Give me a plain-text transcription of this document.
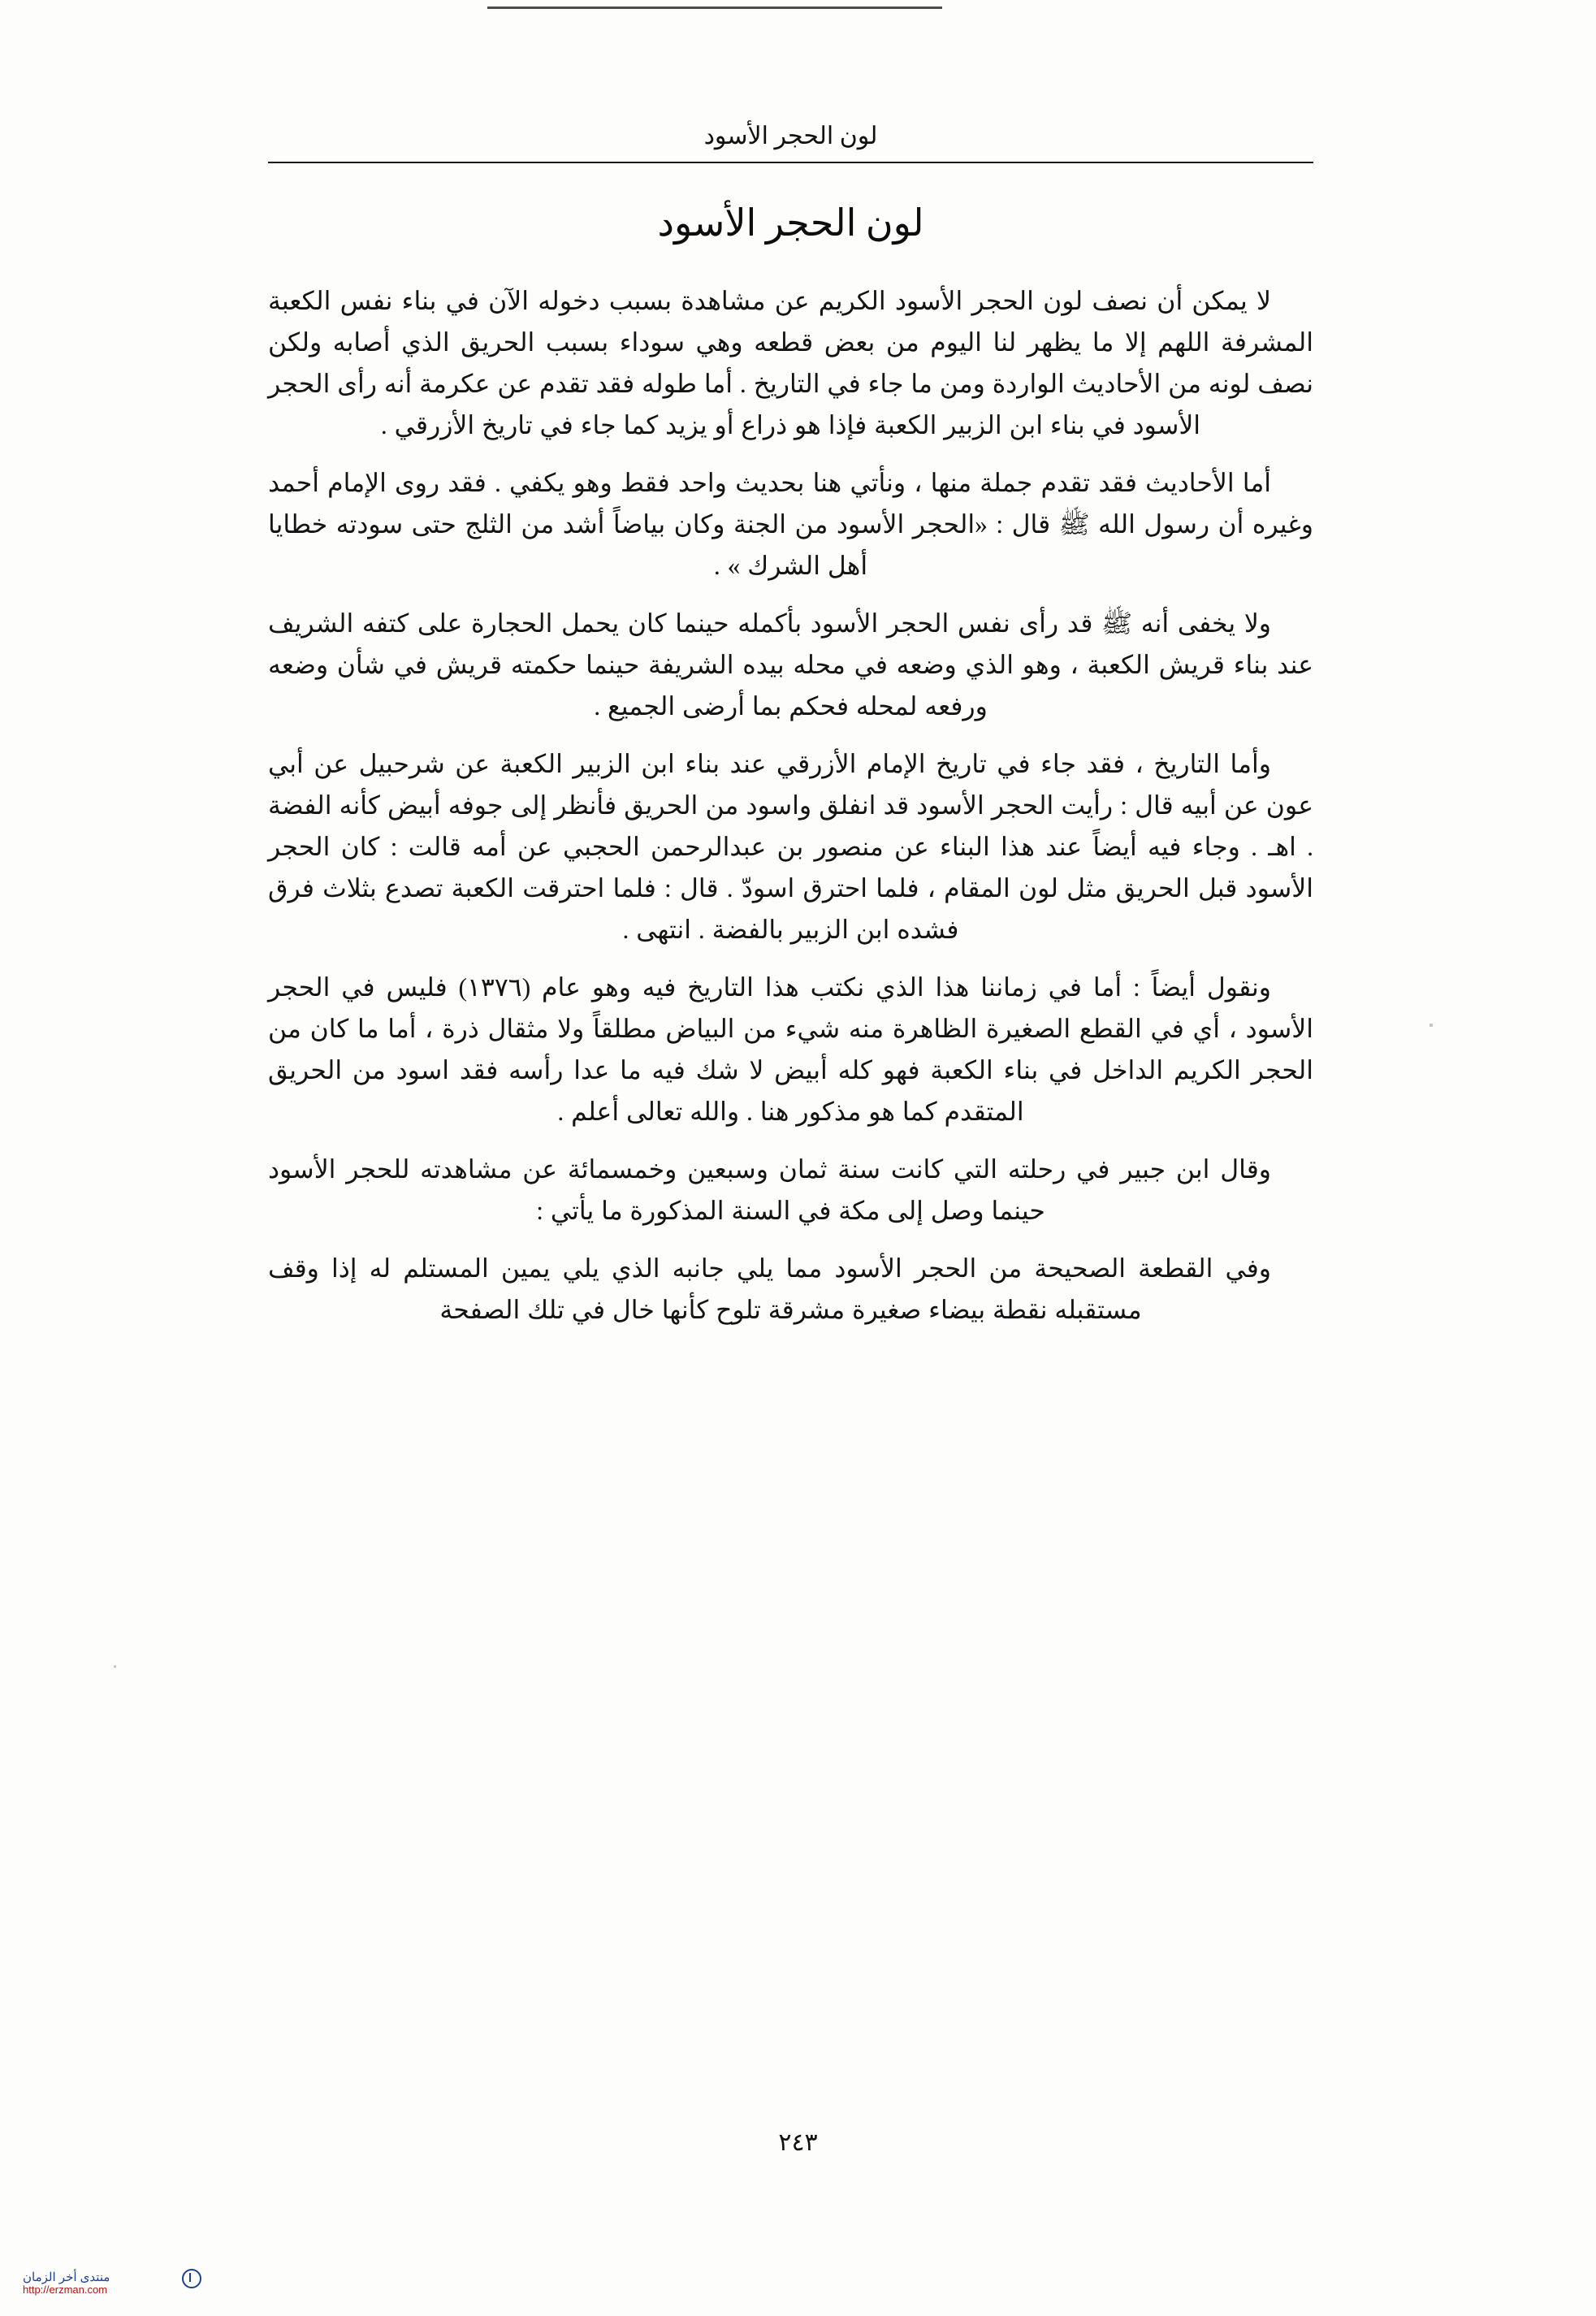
لون الحجر الأسود
لون الحجر الأسود

لا يمكن أن نصف لون الحجر الأسود الكريم عن مشاهدة بسبب دخوله الآن في بناء نفس الكعبة المشرفة اللهم إلا ما يظهر لنا اليوم من بعض قطعه وهي سوداء بسبب الحريق الذي أصابه ولكن نصف لونه من الأحاديث الواردة ومن ما جاء في التاريخ . أما طوله فقد تقدم عن عكرمة أنه رأى الحجر الأسود في بناء ابن الزبير الكعبة فإذا هو ذراع أو يزيد كما جاء في تاريخ الأزرقي .

أما الأحاديث فقد تقدم جملة منها ، ونأتي هنا بحديث واحد فقط وهو يكفي . فقد روى الإمام أحمد وغيره أن رسول الله ﷺ قال : «الحجر الأسود من الجنة وكان بياضاً أشد من الثلج حتى سودته خطايا أهل الشرك » .

ولا يخفى أنه ﷺ قد رأى نفس الحجر الأسود بأكمله حينما كان يحمل الحجارة على كتفه الشريف عند بناء قريش الكعبة ، وهو الذي وضعه في محله بيده الشريفة حينما حكمته قريش في شأن وضعه ورفعه لمحله فحكم بما أرضى الجميع .

وأما التاريخ ، فقد جاء في تاريخ الإمام الأزرقي عند بناء ابن الزبير الكعبة عن شرحبيل عن أبي عون عن أبيه قال : رأيت الحجر الأسود قد انفلق واسود من الحريق فأنظر إلى جوفه أبيض كأنه الفضة . اهـ . وجاء فيه أيضاً عند هذا البناء عن منصور بن عبدالرحمن الحجبي عن أمه قالت : كان الحجر الأسود قبل الحريق مثل لون المقام ، فلما احترق اسودّ . قال : فلما احترقت الكعبة تصدع بثلاث فرق فشده ابن الزبير بالفضة . انتهى .

ونقول أيضاً : أما في زماننا هذا الذي نكتب هذا التاريخ فيه وهو عام (١٣٧٦) فليس في الحجر الأسود ، أي في القطع الصغيرة الظاهرة منه شيء من البياض مطلقاً ولا مثقال ذرة ، أما ما كان من الحجر الكريم الداخل في بناء الكعبة فهو كله أبيض لا شك فيه ما عدا رأسه فقد اسود من الحريق المتقدم كما هو مذكور هنا . والله تعالى أعلم .

وقال ابن جبير في رحلته التي كانت سنة ثمان وسبعين وخمسمائة عن مشاهدته للحجر الأسود حينما وصل إلى مكة في السنة المذكورة ما يأتي :

وفي القطعة الصحيحة من الحجر الأسود مما يلي جانبه الذي يلي يمين المستلم له إذا وقف مستقبله نقطة بيضاء صغيرة مشرقة تلوح كأنها خال في تلك الصفحة

٢٤٣
منتدى أخر الزمان
http://erzman.com
